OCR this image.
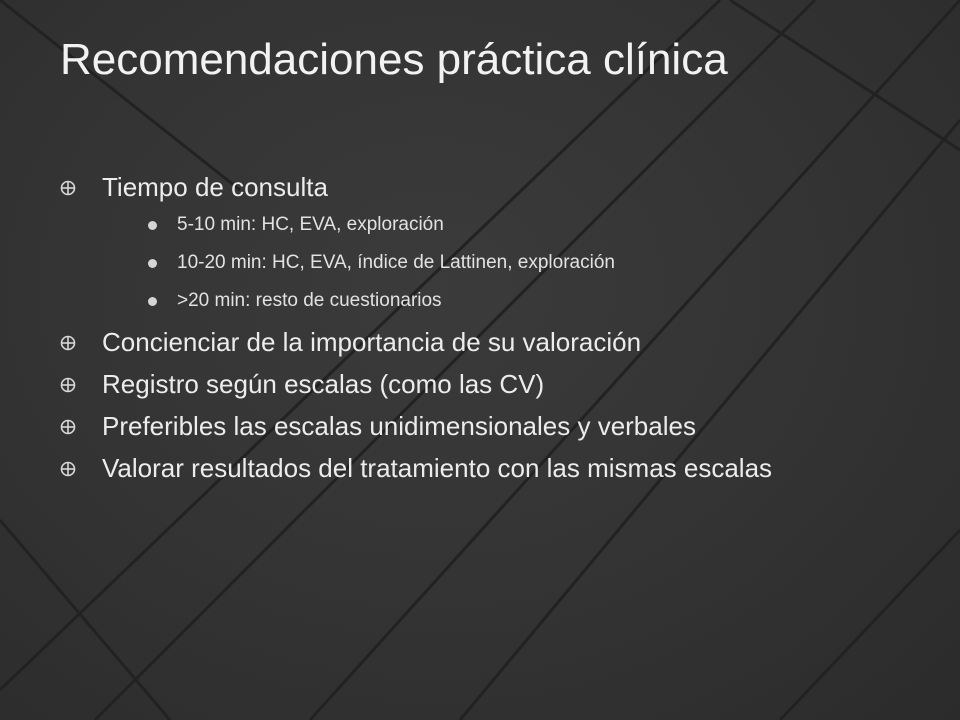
Recomendaciones práctica clínica
Tiempo de consulta
5-10 min: HC, EVA, exploración
10-20 min: HC, EVA, índice de Lattinen, exploración
>20 min: resto de cuestionarios
Concienciar de la importancia de su valoración
Registro según escalas (como las CV)
Preferibles las escalas unidimensionales y verbales
Valorar resultados del tratamiento con las mismas escalas
